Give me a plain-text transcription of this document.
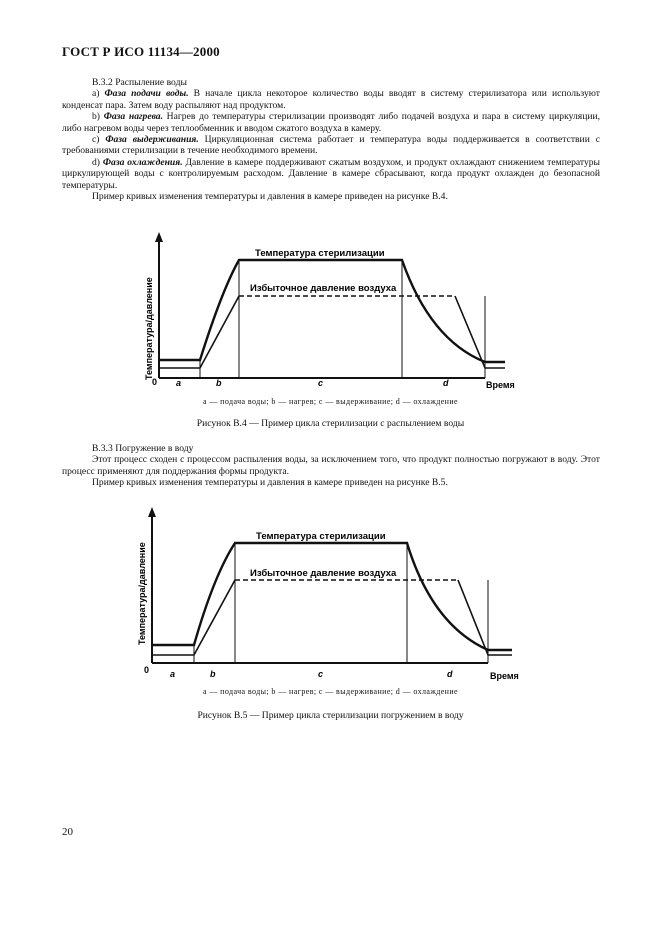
ГОСТ Р ИСО 11134—2000

В.3.2 Распыление воды

a) Фаза подачи воды. В начале цикла некоторое количество воды вводят в систему стерилизатора или используют конденсат пара. Затем воду распыляют над продуктом.

b) Фаза нагрева. Нагрев до температуры стерилизации производят либо подачей воздуха и пара в систему циркуляции, либо нагревом воды через теплообменник и вводом сжатого воздуха в камеру.

c) Фаза выдерживания. Циркуляционная система работает и температура воды поддерживается в соответствии с требованиями стерилизации в течение необходимого времени.

d) Фаза охлаждения. Давление в камере поддерживают сжатым воздухом, и продукт охлаждают снижением температуры циркулирующей воды с контролируемым расходом. Давление в камере сбрасывают, когда продукт охлажден до безопасной температуры.

Пример кривых изменения температуры и давления в камере приведен на рисунке В.4.

Температура стерилизации
Избыточное давление воздуха
0 a	b	c	d	Время
Температура/давление
a — подача воды; b — нагрев; c — выдерживание; d — охлаждение
Рисунок В.4 — Пример цикла стерилизации с распылением воды

В.3.3 Погружение в воду

Этот процесс сходен с процессом распыления воды, за исключением того, что продукт полностью погружают в воду. Этот процесс применяют для поддержания формы продукта.

Пример кривых изменения температуры и давления в камере приведен на рисунке В.5.

Температура стерилизации
Избыточное давление воздуха
0 a	b	c	d	Время
Температура/давление
a — подача воды; b — нагрев; c — выдерживание; d — охлаждение
Рисунок В.5 — Пример цикла стерилизации погружением в воду
20
